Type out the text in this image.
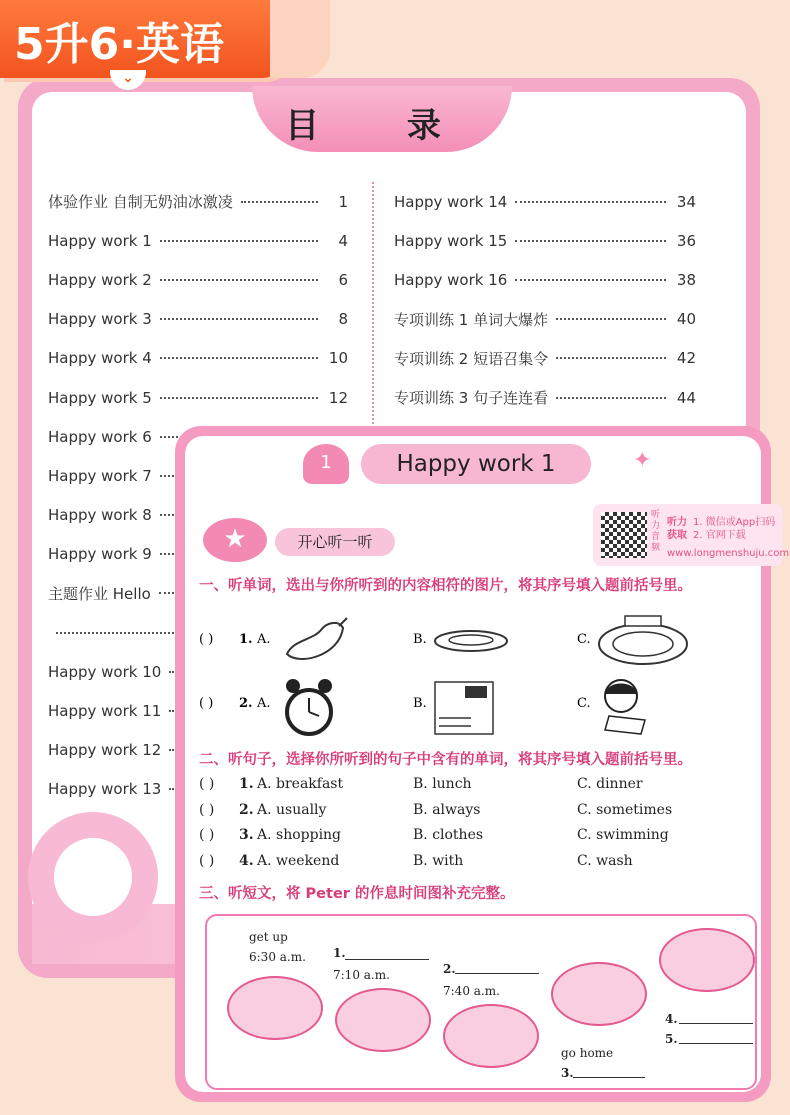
5升6·英语
⌄
目 录
体验作业 自制无奶油冰激凌	1
Happy work 1	4
Happy work 2	6
Happy work 3	8
Happy work 4	10
Happy work 5	12
Happy work 6
Happy work 7
Happy work 8
Happy work 9
主题作业 Hello
Happy work 10
Happy work 11
Happy work 12
Happy work 13
Happy work 14	34
Happy work 15	36
Happy work 16	38
专项训练 1 单词大爆炸	40
专项训练 2 短语召集令	42
专项训练 3 句子连连看	44
1	Happy work 1	✦
听力音频
听力获取
1. 微信或App扫码
2. 官网下载
www.longmenshuju.com
★	开心听一听
一、听单词，选出与你所听到的内容相符的图片，将其序号填入题前括号里。
( ) 1. A.	B.	C.
( ) 2. A.	B.	C.
二、听句子，选择你所听到的句子中含有的单词，将其序号填入题前括号里。
( ) 1. A. breakfast	B. lunch	C. dinner
( ) 2. A. usually	B. always	C. sometimes
( ) 3. A. shopping	B. clothes	C. swimming
( ) 4. A. weekend	B. with	C. wash
三、听短文，将 Peter 的作息时间图补充完整。
get up
6:30 a.m. 1.
7:10 a.m.	2.
7:40 a.m.
go home
3.
4.
5.
